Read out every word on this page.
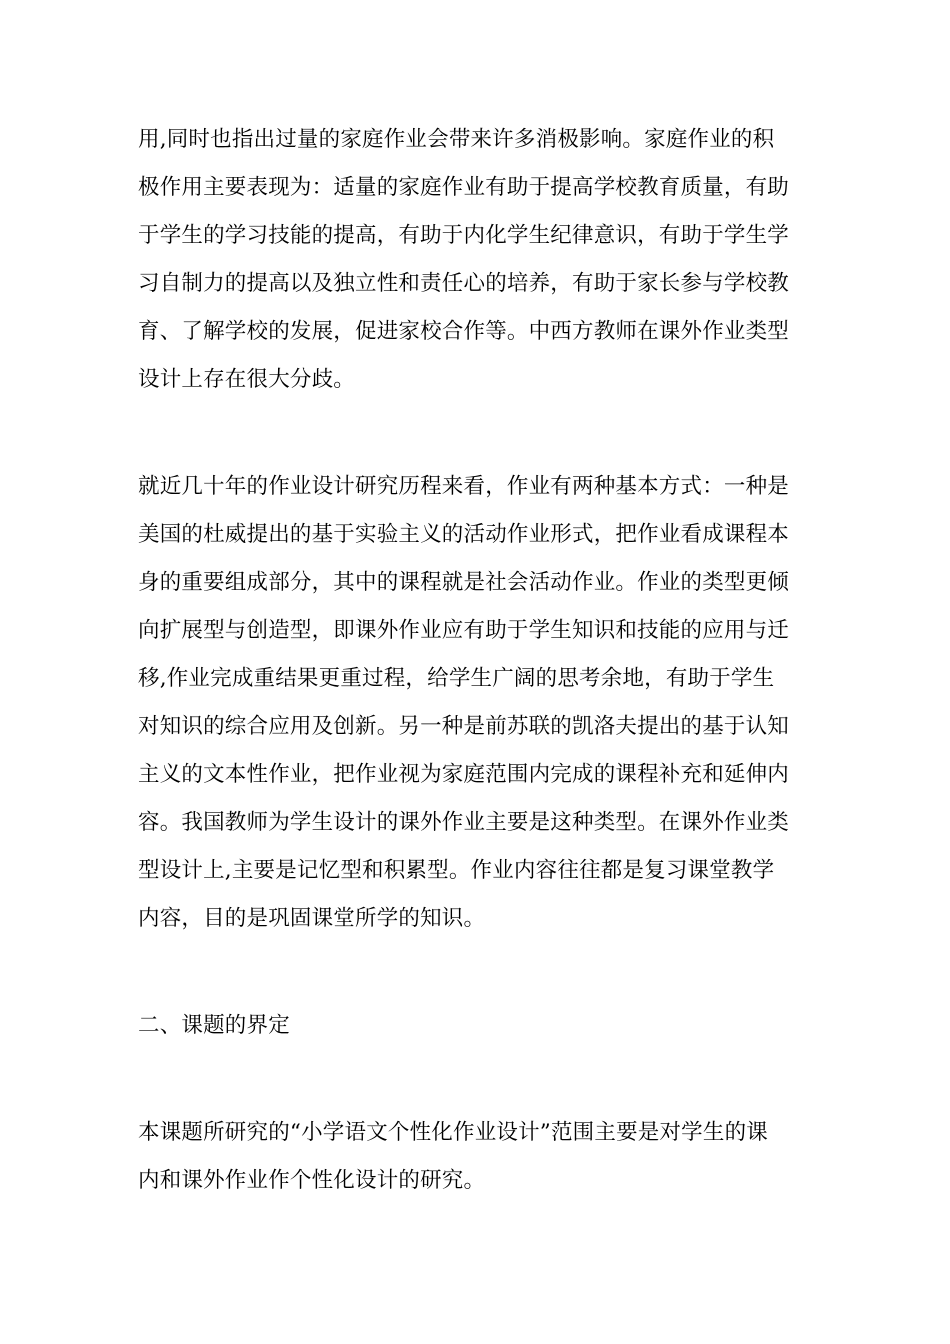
用,同时也指出过量的家庭作业会带来许多消极影响。家庭作业的积
极作用主要表现为：适量的家庭作业有助于提高学校教育质量，有助
于学生的学习技能的提高，有助于内化学生纪律意识，有助于学生学
习自制力的提高以及独立性和责任心的培养，有助于家长参与学校教
育、了解学校的发展，促进家校合作等。中西方教师在课外作业类型
设计上存在很大分歧。
就近几十年的作业设计研究历程来看，作业有两种基本方式：一种是
美国的杜威提出的基于实验主义的活动作业形式，把作业看成课程本
身的重要组成部分，其中的课程就是社会活动作业。作业的类型更倾
向扩展型与创造型，即课外作业应有助于学生知识和技能的应用与迁
移,作业完成重结果更重过程，给学生广阔的思考余地，有助于学生
对知识的综合应用及创新。另一种是前苏联的凯洛夫提出的基于认知
主义的文本性作业，把作业视为家庭范围内完成的课程补充和延伸内
容。我国教师为学生设计的课外作业主要是这种类型。在课外作业类
型设计上,主要是记忆型和积累型。作业内容往往都是复习课堂教学
内容，目的是巩固课堂所学的知识。
二、课题的界定
本课题所研究的“小学语文个性化作业设计”范围主要是对学生的课
内和课外作业作个性化设计的研究。
